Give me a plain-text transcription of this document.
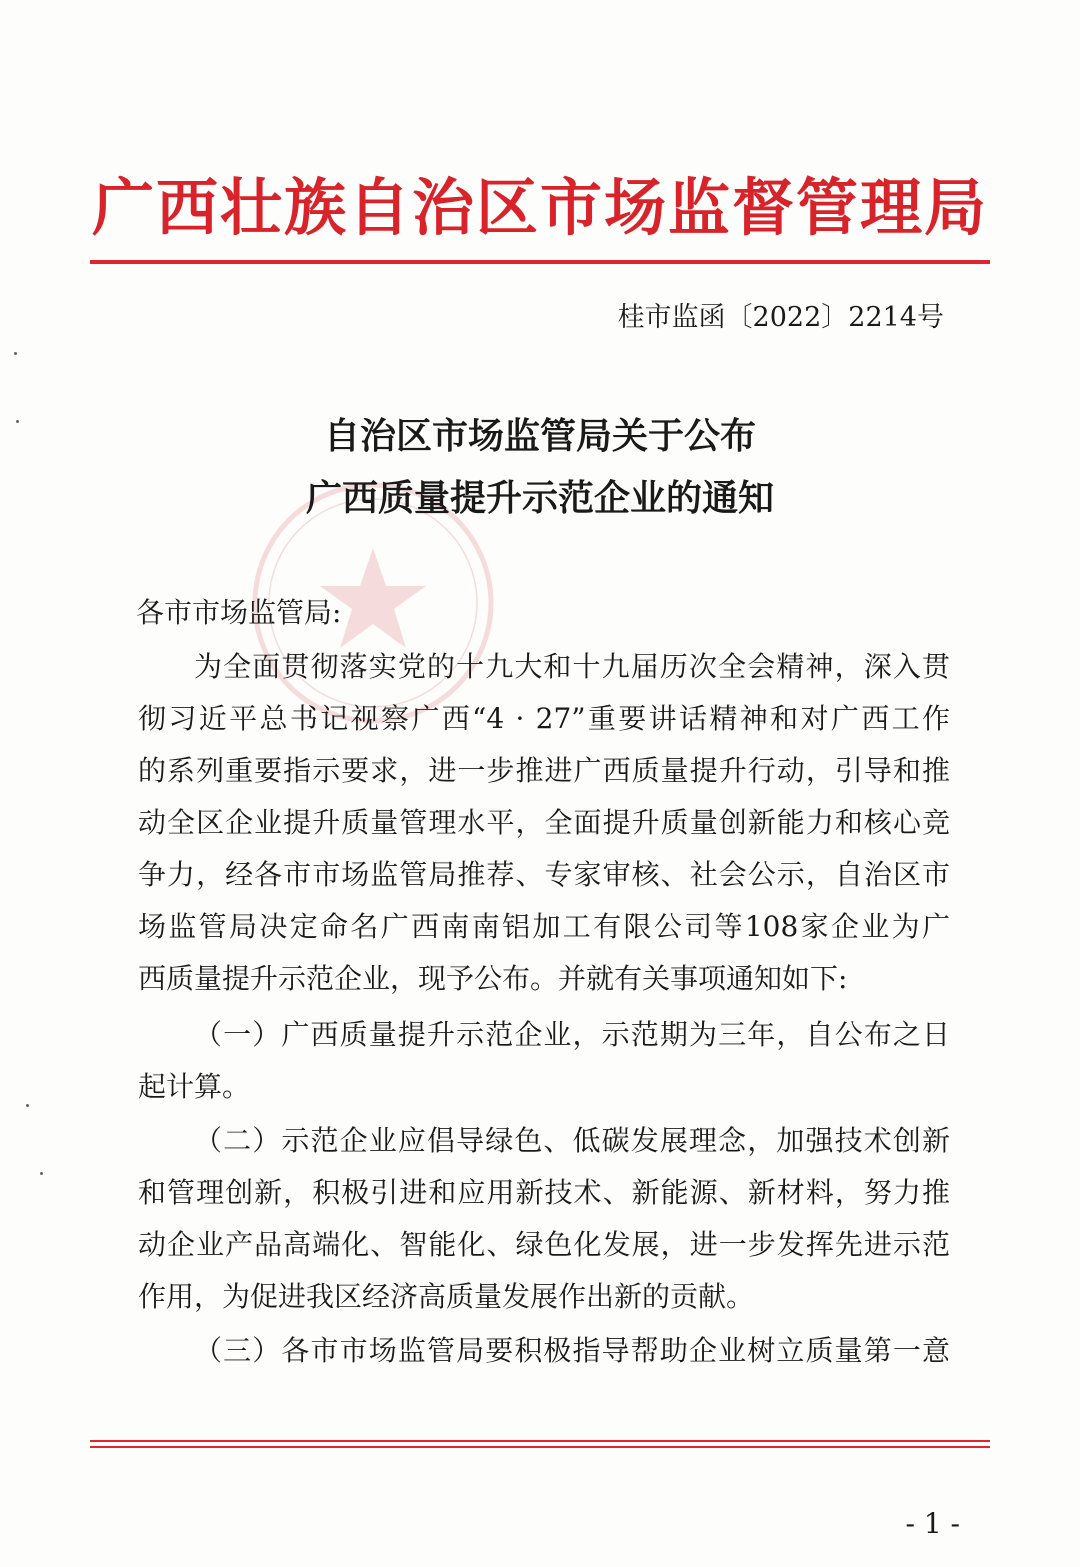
广西壮族自治区市场监督管理局
桂市监函〔2022〕2214号
自治区市场监管局关于公布
广西质量提升示范企业的通知
各市市场监管局:
为全面贯彻落实党的十九大和十九届历次全会精神，深入贯
彻习近平总书记视察广西“4 · 27”重要讲话精神和对广西工作
的系列重要指示要求，进一步推进广西质量提升行动，引导和推
动全区企业提升质量管理水平，全面提升质量创新能力和核心竞
争力，经各市市场监管局推荐、专家审核、社会公示，自治区市
场监管局决定命名广西南南铝加工有限公司等108家企业为广
西质量提升示范企业，现予公布。并就有关事项通知如下:
（一）广西质量提升示范企业，示范期为三年，自公布之日
起计算。
（二）示范企业应倡导绿色、低碳发展理念，加强技术创新
和管理创新，积极引进和应用新技术、新能源、新材料，努力推
动企业产品高端化、智能化、绿色化发展，进一步发挥先进示范
作用，为促进我区经济高质量发展作出新的贡献。
（三）各市市场监管局要积极指导帮助企业树立质量第一意
- 1 -
